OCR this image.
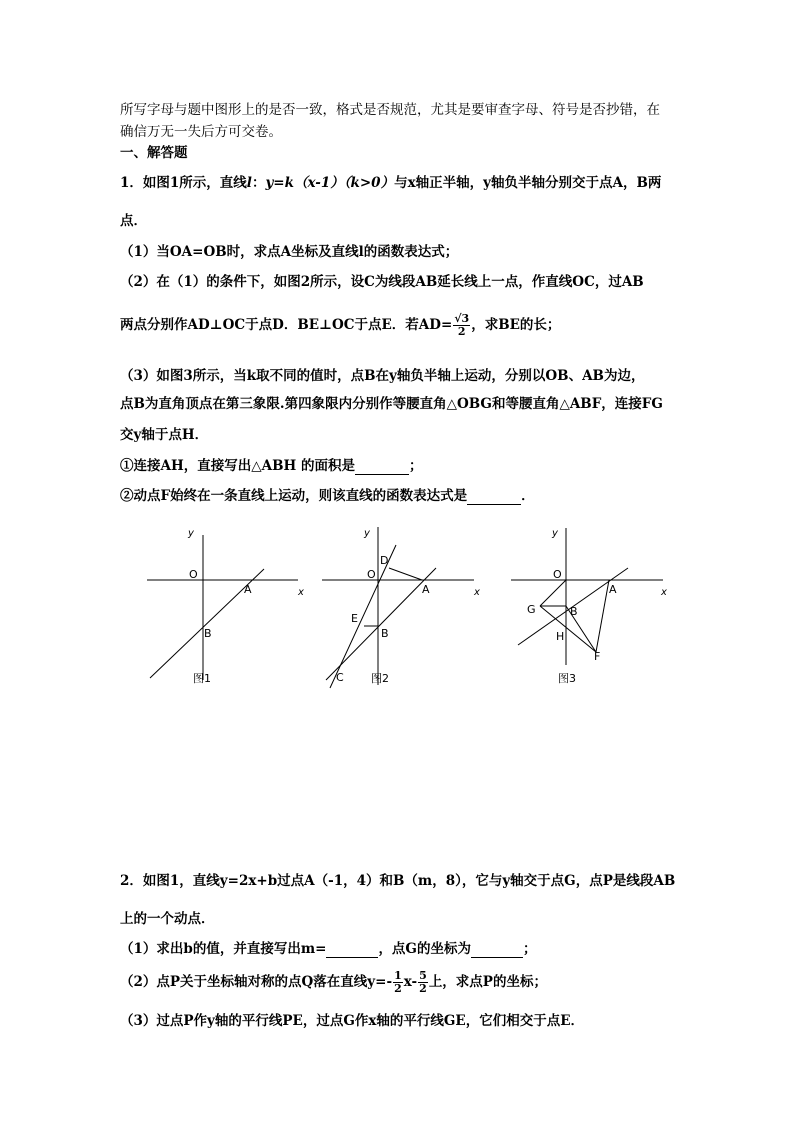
所写字母与题中图形上的是否一致，格式是否规范，尤其是要审查字母、符号是否抄错，在
确信万无一失后方可交卷。
一、解答题
1．如图1所示，直线l：y=k（x-1）（k>0）与x轴正半轴，y轴负半轴分别交于点A，B两
点．
（1）当OA=OB时，求点A坐标及直线l的函数表达式；
（2）在（1）的条件下，如图2所示，设C为线段AB延长线上一点，作直线OC，过AB
两点分别作AD⊥OC于点D．BE⊥OC于点E．若$AD= \frac{√3}{2}$ ，求BE的长；
（3）如图3所示，当k取不同的值时，点B在y轴负半轴上运动，分别以OB、AB为边，
点B为直角顶点在第三象限.第四象限内分别作等腰直角△OBG和等腰直角△ABF，连接FG
交y轴于点H．
①连接AH，直接写出△ABH 的面积是	；
②动点F始终在一条直线上运动，则该直线的函数表达式是	．
y
x
O
A
B
图1
y
x
D
O
A
E
B
C 图2
y
x
O
A
G	B
H
F
图3
2．如图1，直线y=2x+b过点A（-1，4）和B（m，8），它与y轴交于点G，点P是线段AB
上的一个动点．
（1）求出b的值，并直接写出m=	，点G的坐标为	；
（2）点P关于坐标轴对称的点Q落在直线$y=- \frac{1}{2} x- \frac{5}{2}$ 上，求点P的坐标；
（3）过点P作y轴的平行线PE，过点G作x轴的平行线GE，它们相交于点E．
